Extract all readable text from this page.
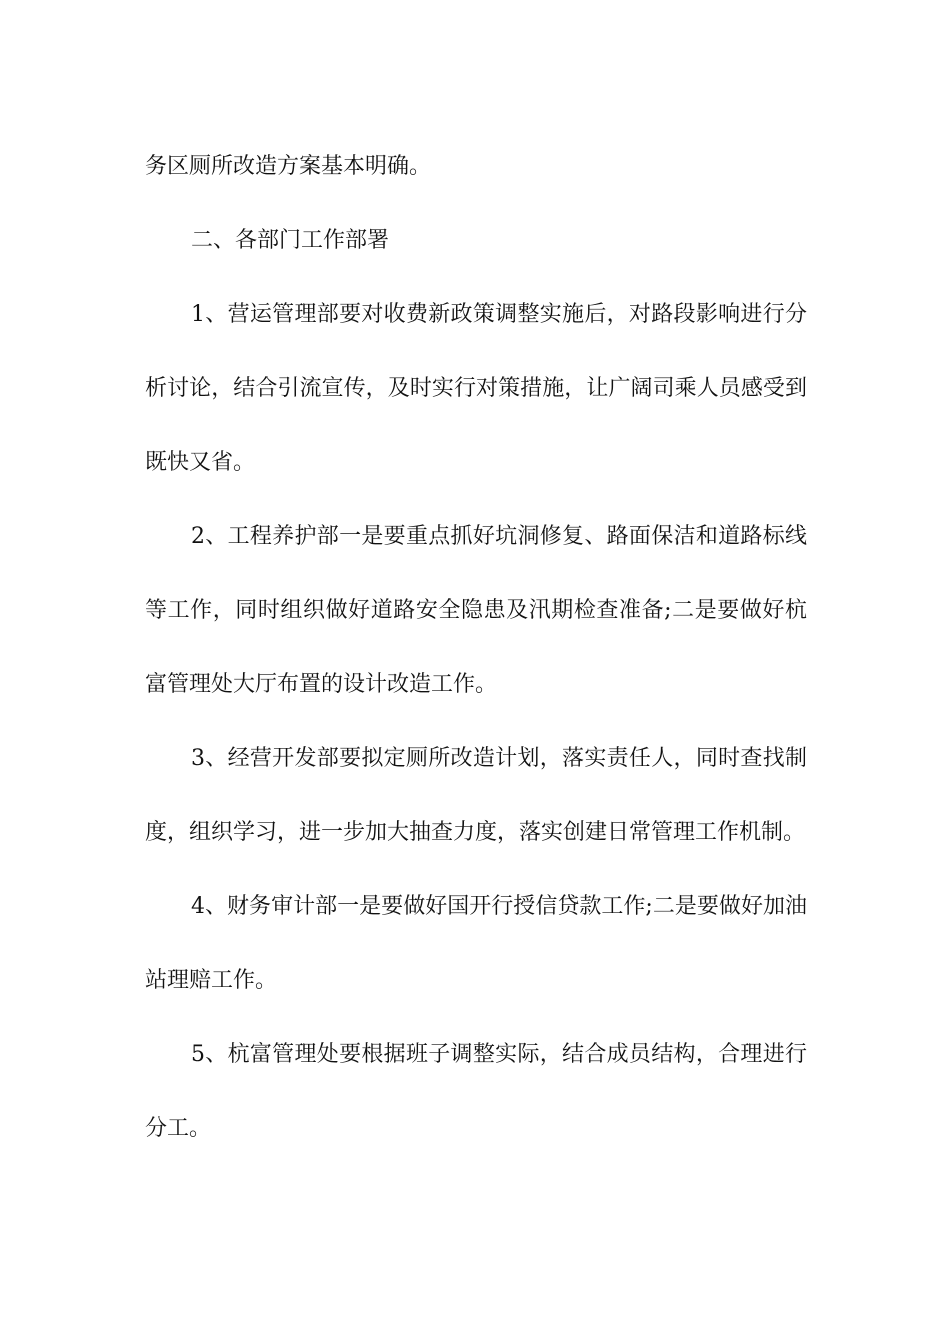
务区厕所改造方案基本明确。

二、各部门工作部署

1、营运管理部要对收费新政策调整实施后，对路段影响进行分析讨论，结合引流宣传，及时实行对策措施，让广阔司乘人员感受到既快又省。

2、工程养护部一是要重点抓好坑洞修复、路面保洁和道路标线等工作，同时组织做好道路安全隐患及汛期检查准备;二是要做好杭富管理处大厅布置的设计改造工作。

3、经营开发部要拟定厕所改造计划，落实责任人，同时查找制度，组织学习，进一步加大抽查力度，落实创建日常管理工作机制。

4、财务审计部一是要做好国开行授信贷款工作;二是要做好加油站理赔工作。

5、杭富管理处要根据班子调整实际，结合成员结构，合理进行分工。
